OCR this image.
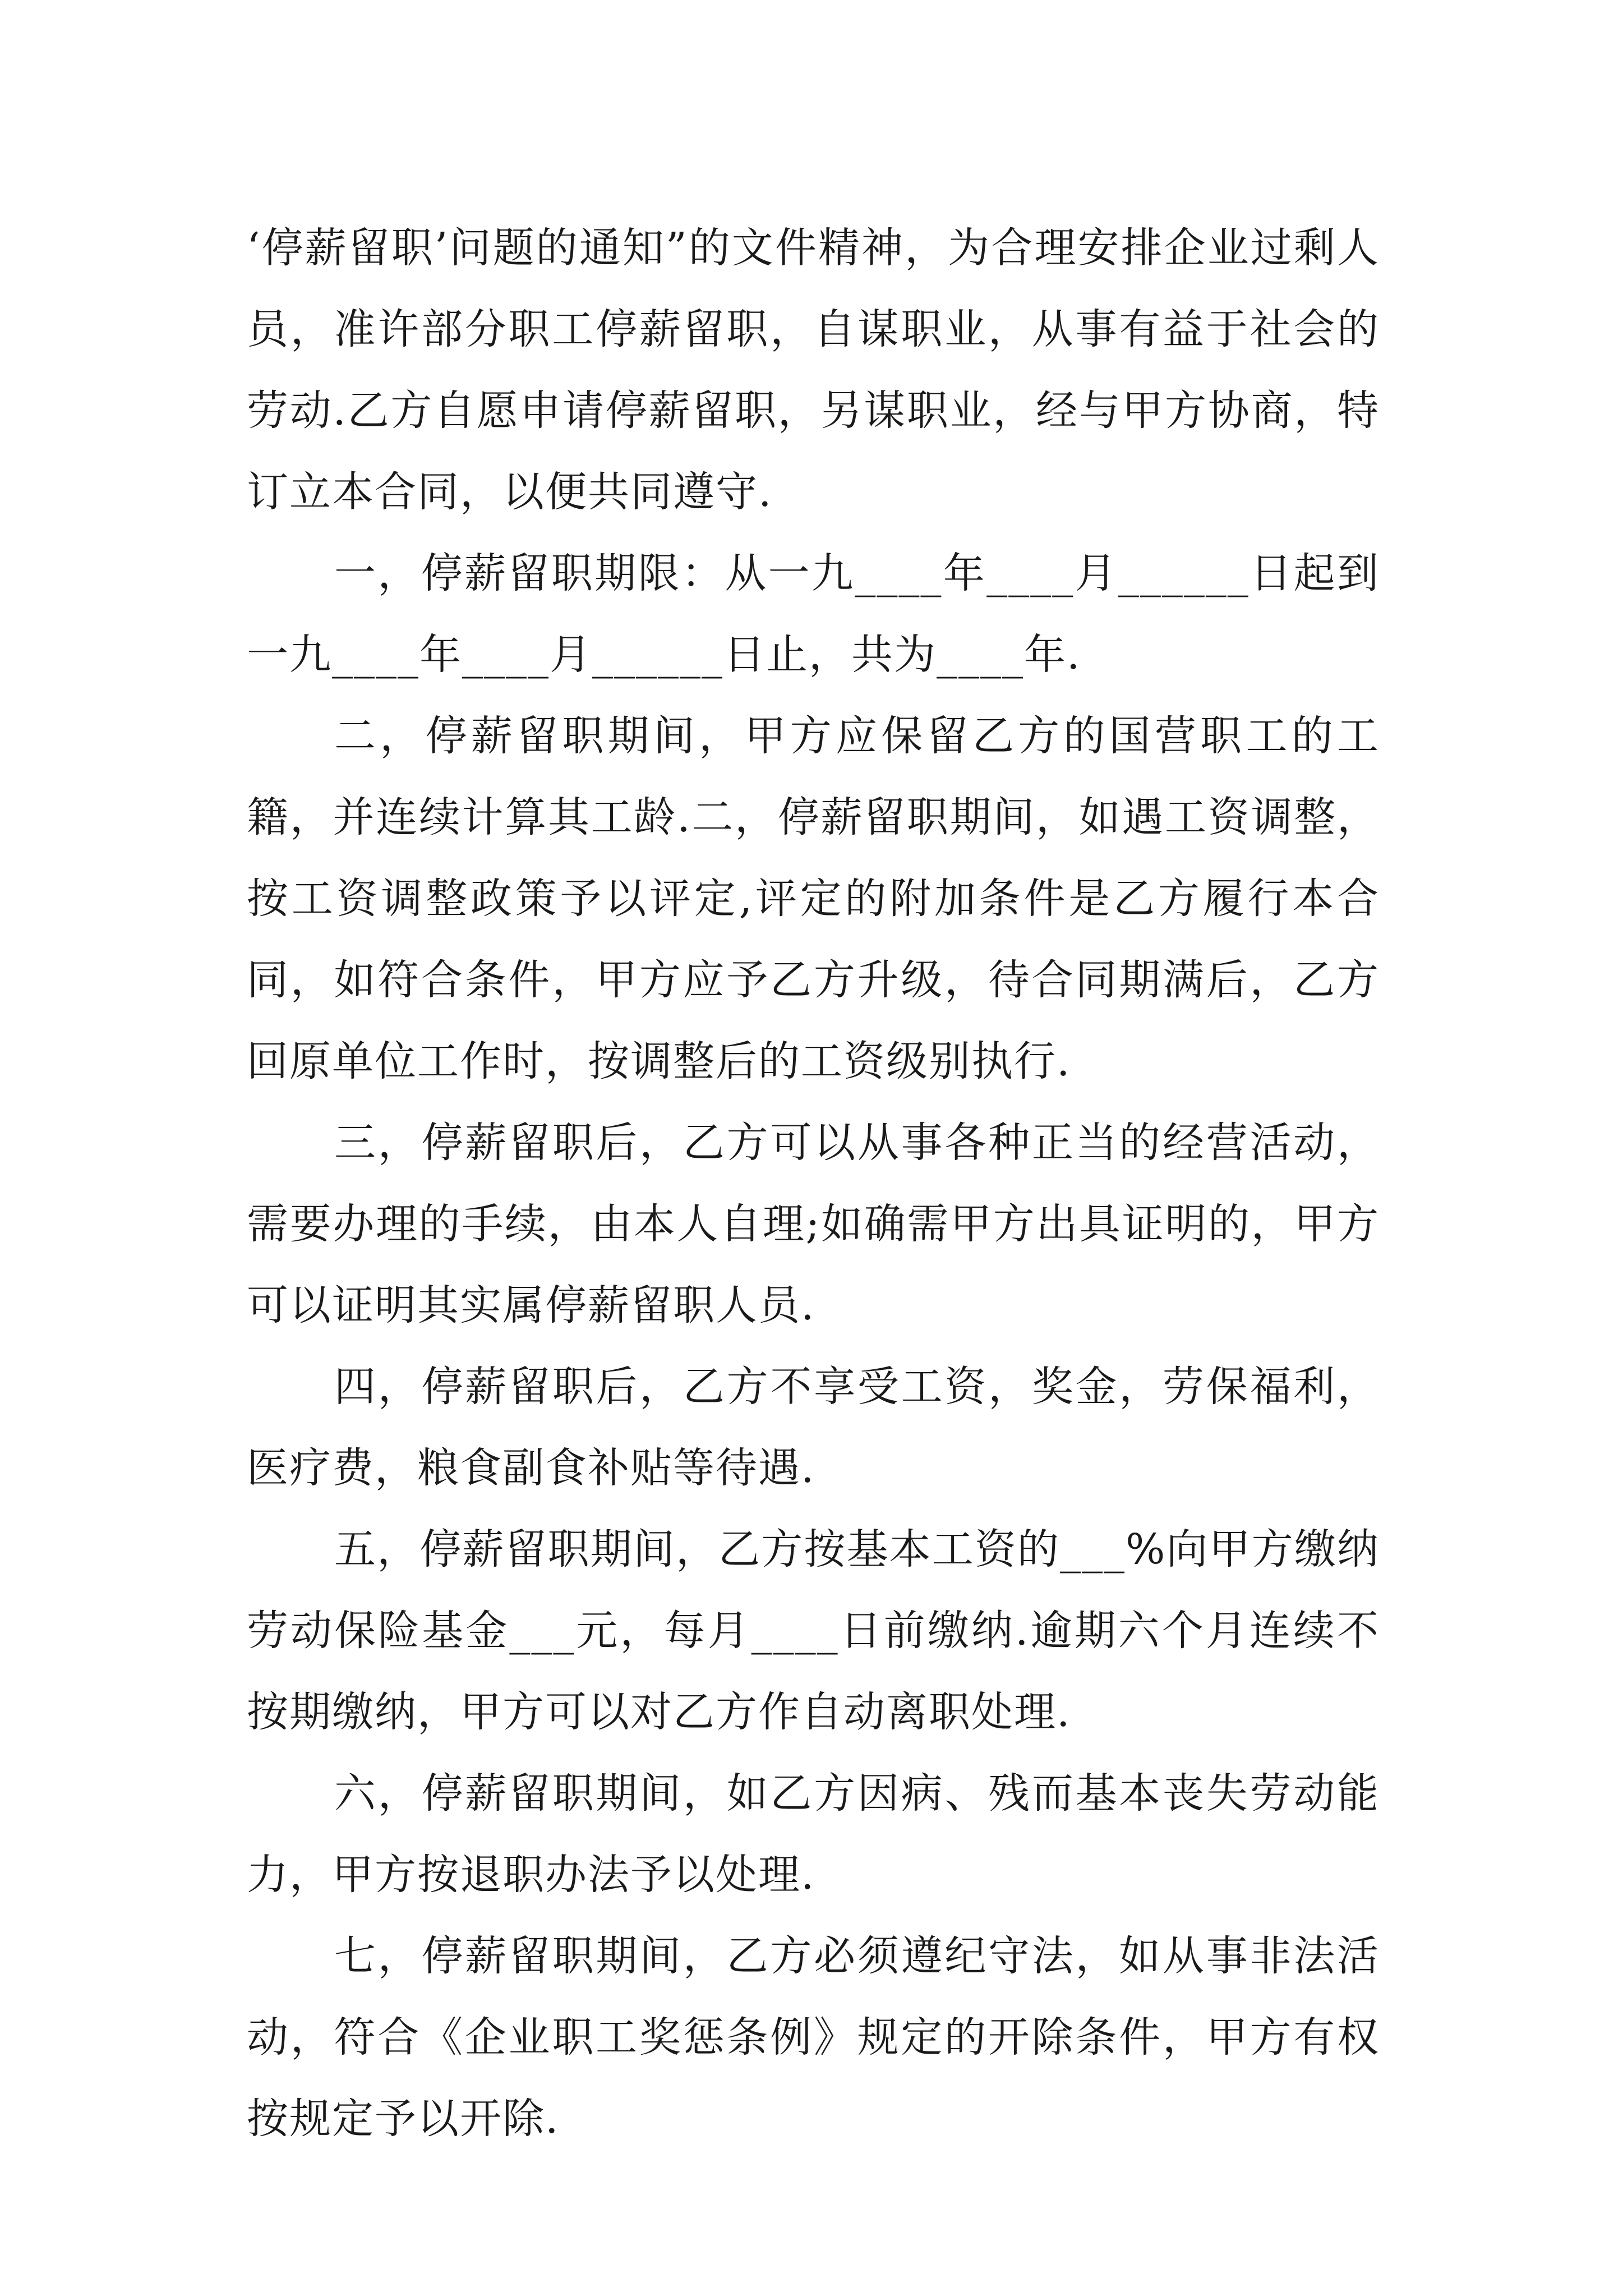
‘停薪留职’问题的通知”的文件精神，为合理安排企业过剩人员，准许部分职工停薪留职，自谋职业，从事有益于社会的劳动.乙方自愿申请停薪留职，另谋职业，经与甲方协商，特订立本合同，以便共同遵守.

一，停薪留职期限：从一九____年____月______日起到一九____年____月______日止，共为____年.

二，停薪留职期间，甲方应保留乙方的国营职工的工籍，并连续计算其工龄.二，停薪留职期间，如遇工资调整，按工资调整政策予以评定,评定的附加条件是乙方履行本合同，如符合条件，甲方应予乙方升级，待合同期满后，乙方回原单位工作时，按调整后的工资级别执行.

三，停薪留职后，乙方可以从事各种正当的经营活动，需要办理的手续，由本人自理;如确需甲方出具证明的，甲方可以证明其实属停薪留职人员.

四，停薪留职后，乙方不享受工资，奖金，劳保福利，医疗费，粮食副食补贴等待遇.

五，停薪留职期间，乙方按基本工资的___%向甲方缴纳劳动保险基金___元，每月____日前缴纳.逾期六个月连续不按期缴纳，甲方可以对乙方作自动离职处理.

六，停薪留职期间，如乙方因病、残而基本丧失劳动能力，甲方按退职办法予以处理.

七，停薪留职期间，乙方必须遵纪守法，如从事非法活动，符合《企业职工奖惩条例》规定的开除条件，甲方有权按规定予以开除.
